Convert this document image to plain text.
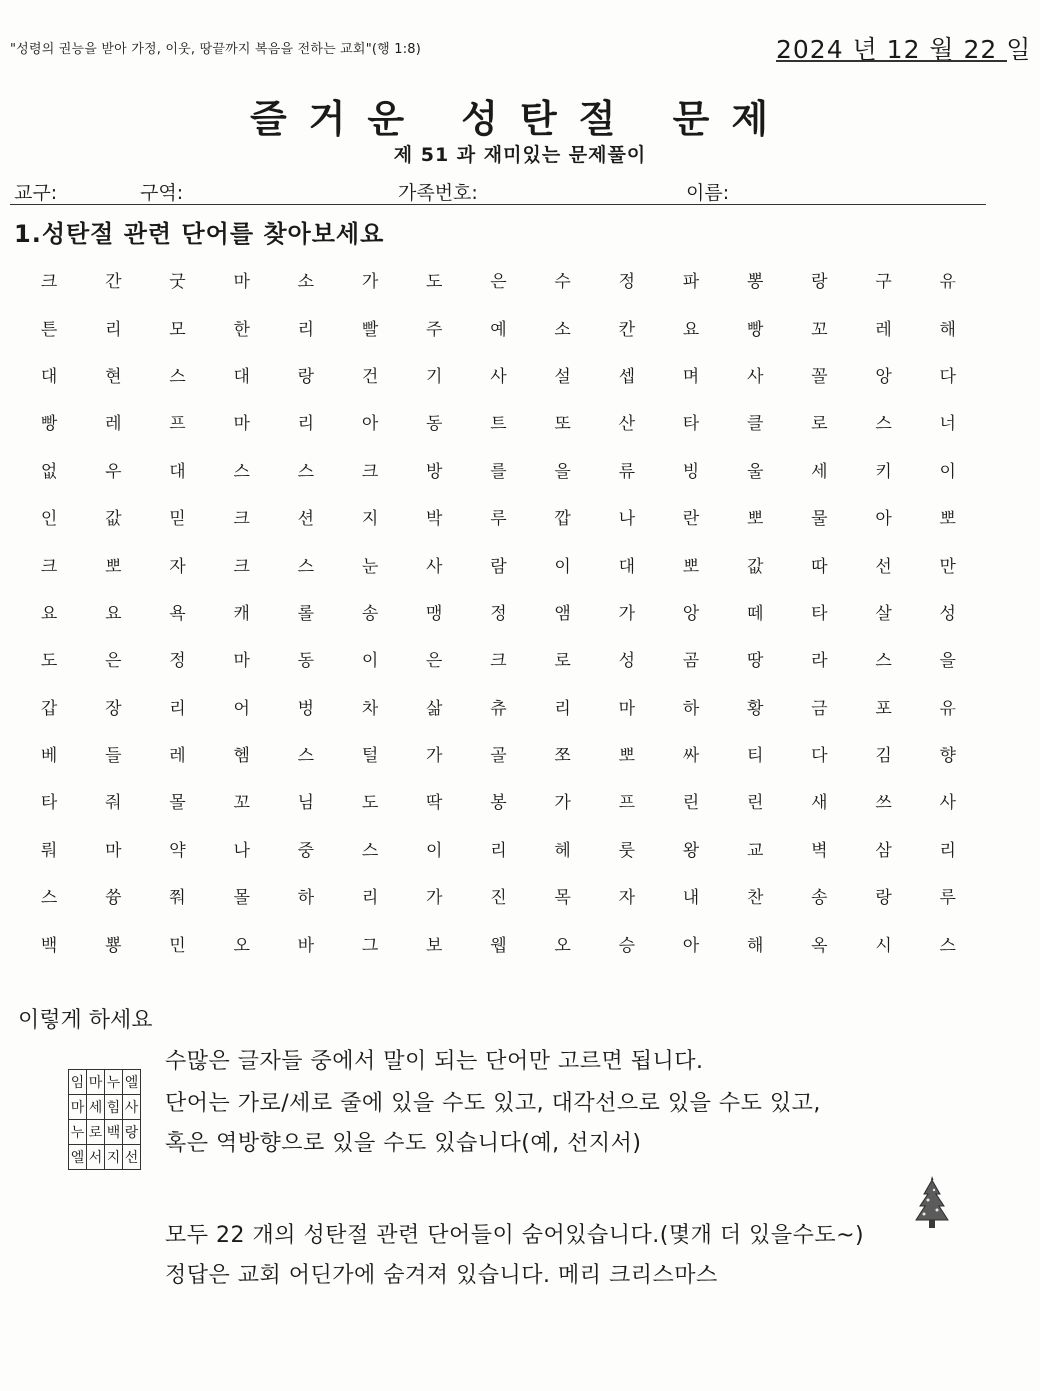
"성령의 권능을 받아 가정, 이웃, 땅끝까지 복음을 전하는 교회"(행 1:8)	2024 년 12 월 22 일
즐거운 성탄절 문제
제 51 과 재미있는 문제풀이
교구:	구역:	가족번호:	이름:
1.성탄절 관련 단어를 찾아보세요
크	간	굿	마	소	가	도	은	수	정	파	뽕	랑	구	유
튼	리	모	한	리	빨	주	예	소	칸	요	빵	꼬	레	해
대	현	스	대	랑	건	기	사	설	셉	며	사	꼴	앙	다
빵	레	프	마	리	아	동	트	또	산	타	클	로	스	너
없	우	대	스	스	크	방	를	을	류	빙	울	세	키	이
인	값	믿	크	션	지	박	루	깝	나	란	뽀	물	아	뽀
크	뽀	자	크	스	눈	사	람	이	대	뽀	값	따	선	만
요	요	욕	캐	롤	송	맹	정	앰	가	앙	떼	타	살	성
도	은	정	마	동	이	은	크	로	성	곰	땅	라	스	을
갑	장	리	어	벙	차	삶	츄	리	마	하	황	금	포	유
베	들	레	헴	스	털	가	골	쪼	뽀	싸	티	다	김	향
타	줘	몰	꼬	님	도	딱	봉	가	프	린	린	새	쓰	사
뤄	마	약	나	중	스	이	리	헤	룻	왕	교	벽	삼	리
스	쓩	쭤	몰	하	리	가	진	목	자	내	찬	송	랑	루
백	뿅	민	오	바	그	보	웹	오	승	아	해	옥	시	스
이렇게 하세요
임	마	누	엘
마	세	힘	사
누	로	백	랑
엘	서	지	선
수많은 글자들 중에서 말이 되는 단어만 고르면 됩니다.
단어는 가로/세로 줄에 있을 수도 있고, 대각선으로 있을 수도 있고,
혹은 역방향으로 있을 수도 있습니다(예, 선지서)
모두 22 개의 성탄절 관련 단어들이 숨어있습니다.(몇개 더 있을수도~)
정답은 교회 어딘가에 숨겨져 있습니다. 메리 크리스마스
